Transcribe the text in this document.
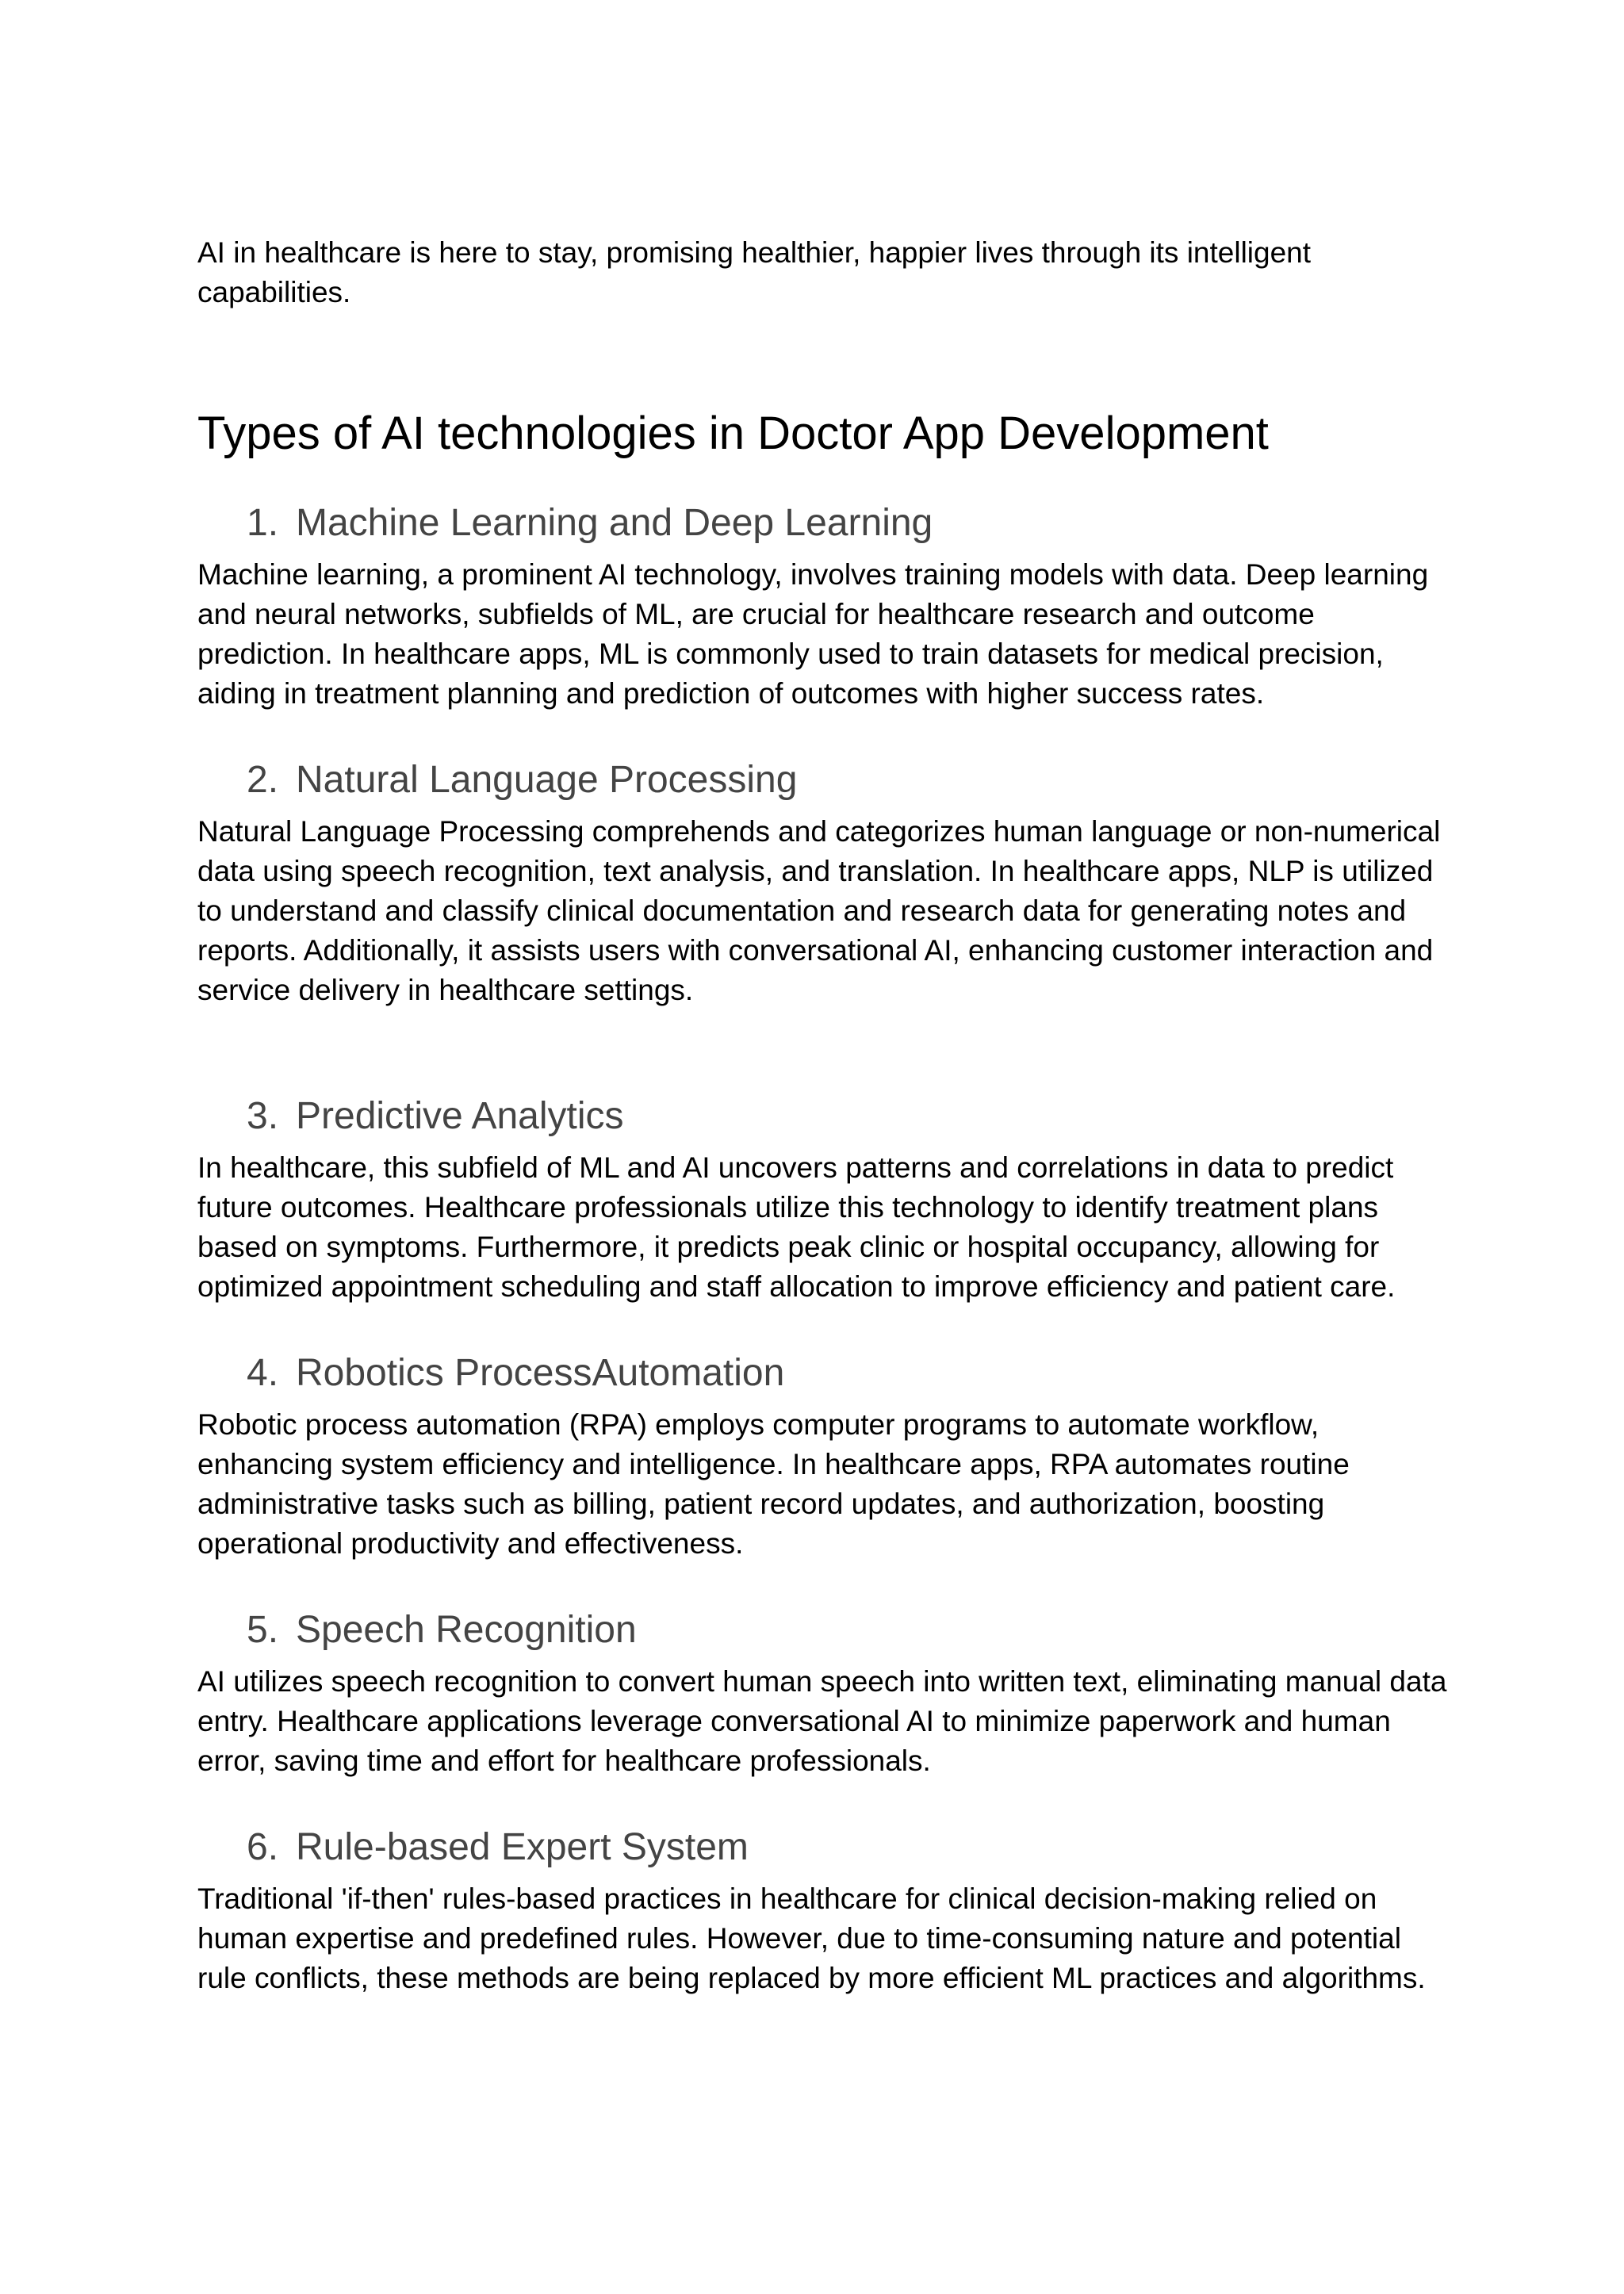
AI in healthcare is here to stay, promising healthier, happier lives through its intelligent capabilities.

Types of AI technologies in Doctor App Development
1. Machine Learning and Deep Learning

Machine learning, a prominent AI technology, involves training models with data. Deep learning and neural networks, subfields of ML, are crucial for healthcare research and outcome prediction. In healthcare apps, ML is commonly used to train datasets for medical precision, aiding in treatment planning and prediction of outcomes with higher success rates.

2. Natural Language Processing

Natural Language Processing comprehends and categorizes human language or non-numerical data using speech recognition, text analysis, and translation. In healthcare apps, NLP is utilized to understand and classify clinical documentation and research data for generating notes and reports. Additionally, it assists users with conversational AI, enhancing customer interaction and service delivery in healthcare settings.

3. Predictive Analytics

In healthcare, this subfield of ML and AI uncovers patterns and correlations in data to predict future outcomes. Healthcare professionals utilize this technology to identify treatment plans based on symptoms. Furthermore, it predicts peak clinic or hospital occupancy, allowing for optimized appointment scheduling and staff allocation to improve efficiency and patient care.

4. Robotics ProcessAutomation

Robotic process automation (RPA) employs computer programs to automate workflow, enhancing system efficiency and intelligence. In healthcare apps, RPA automates routine administrative tasks such as billing, patient record updates, and authorization, boosting operational productivity and effectiveness.

5. Speech Recognition

AI utilizes speech recognition to convert human speech into written text, eliminating manual data entry. Healthcare applications leverage conversational AI to minimize paperwork and human error, saving time and effort for healthcare professionals.

6. Rule-based Expert System

Traditional 'if-then' rules-based practices in healthcare for clinical decision-making relied on human expertise and predefined rules. However, due to time-consuming nature and potential rule conflicts, these methods are being replaced by more efficient ML practices and algorithms.
